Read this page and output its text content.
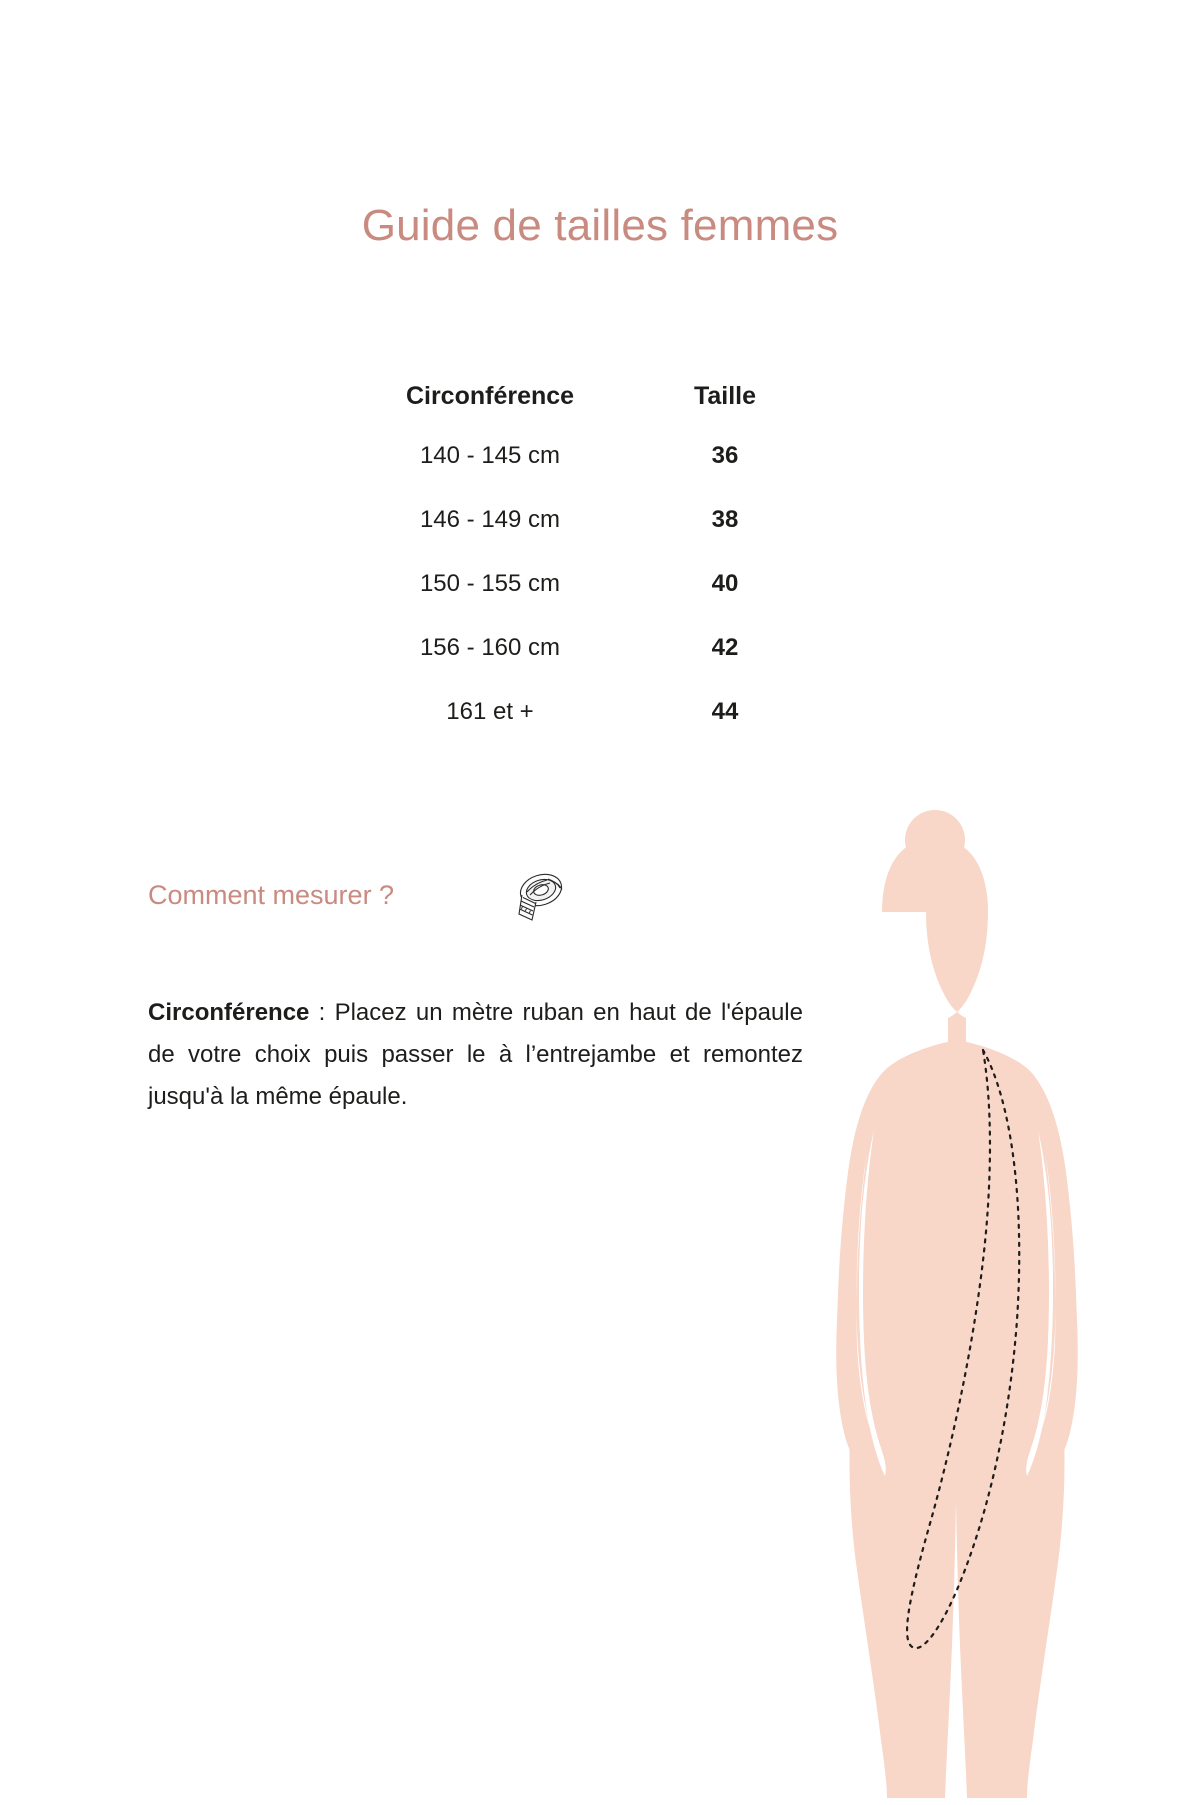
Guide de tailles femmes
Circonférence	Taille
140 - 145 cm	36
146 - 149 cm	38
150 - 155 cm	40
156 - 160 cm	42
161 et +	44
Comment mesurer ?

Circonférence : Placez un mètre ruban en haut de l'épaule de votre choix puis passer le à l’entrejambe et remontez jusqu'à la même épaule.
